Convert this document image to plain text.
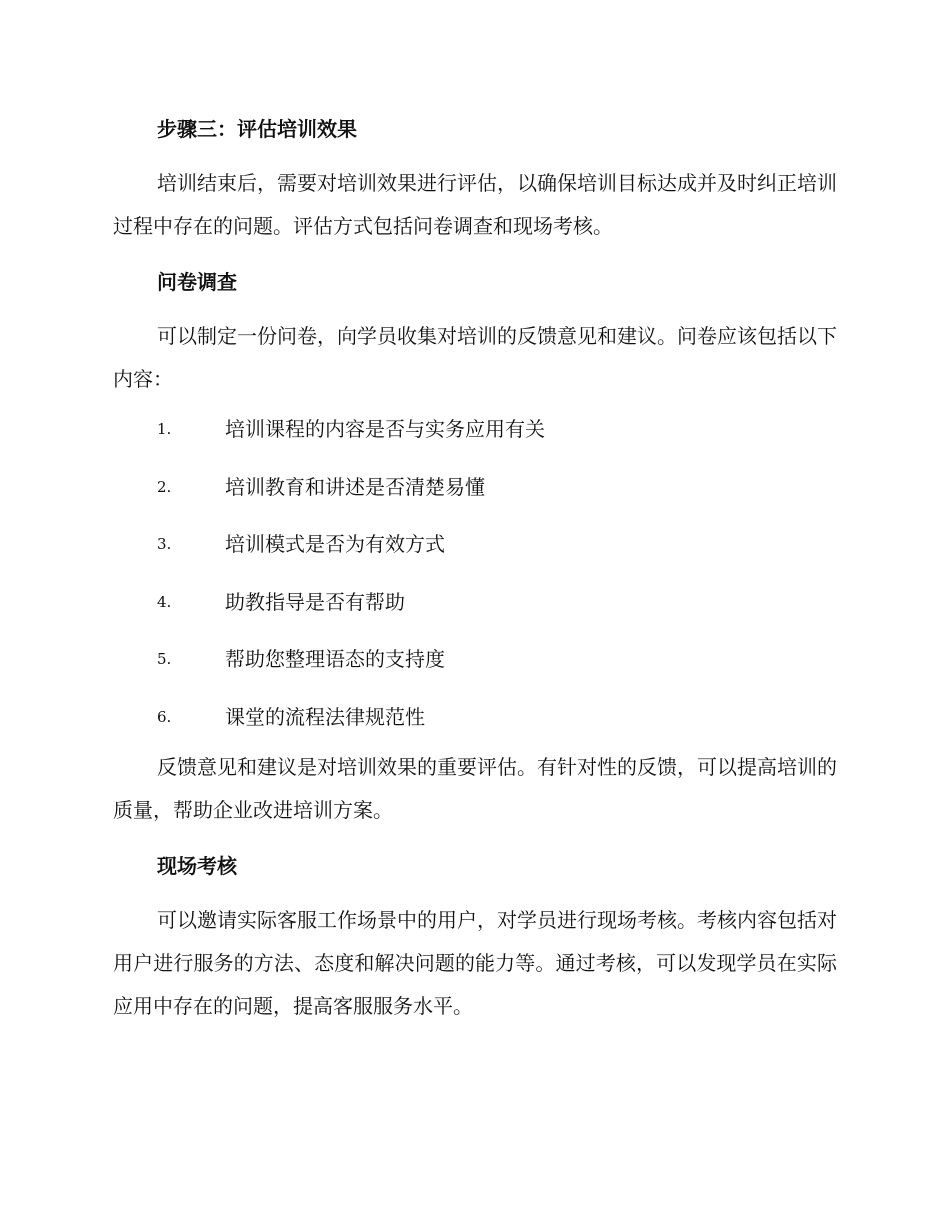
步骤三：评估培训效果

培训结束后，需要对培训效果进行评估，以确保培训目标达成并及时纠正培训过程中存在的问题。评估方式包括问卷调查和现场考核。

问卷调查

可以制定一份问卷，向学员收集对培训的反馈意见和建议。问卷应该包括以下内容：

1.	培训课程的内容是否与实务应用有关
2.	培训教育和讲述是否清楚易懂
3.	培训模式是否为有效方式
4.	助教指导是否有帮助
5.	帮助您整理语态的支持度
6.	课堂的流程法律规范性

反馈意见和建议是对培训效果的重要评估。有针对性的反馈，可以提高培训的质量，帮助企业改进培训方案。

现场考核

可以邀请实际客服工作场景中的用户，对学员进行现场考核。考核内容包括对用户进行服务的方法、态度和解决问题的能力等。通过考核，可以发现学员在实际应用中存在的问题，提高客服服务水平。
